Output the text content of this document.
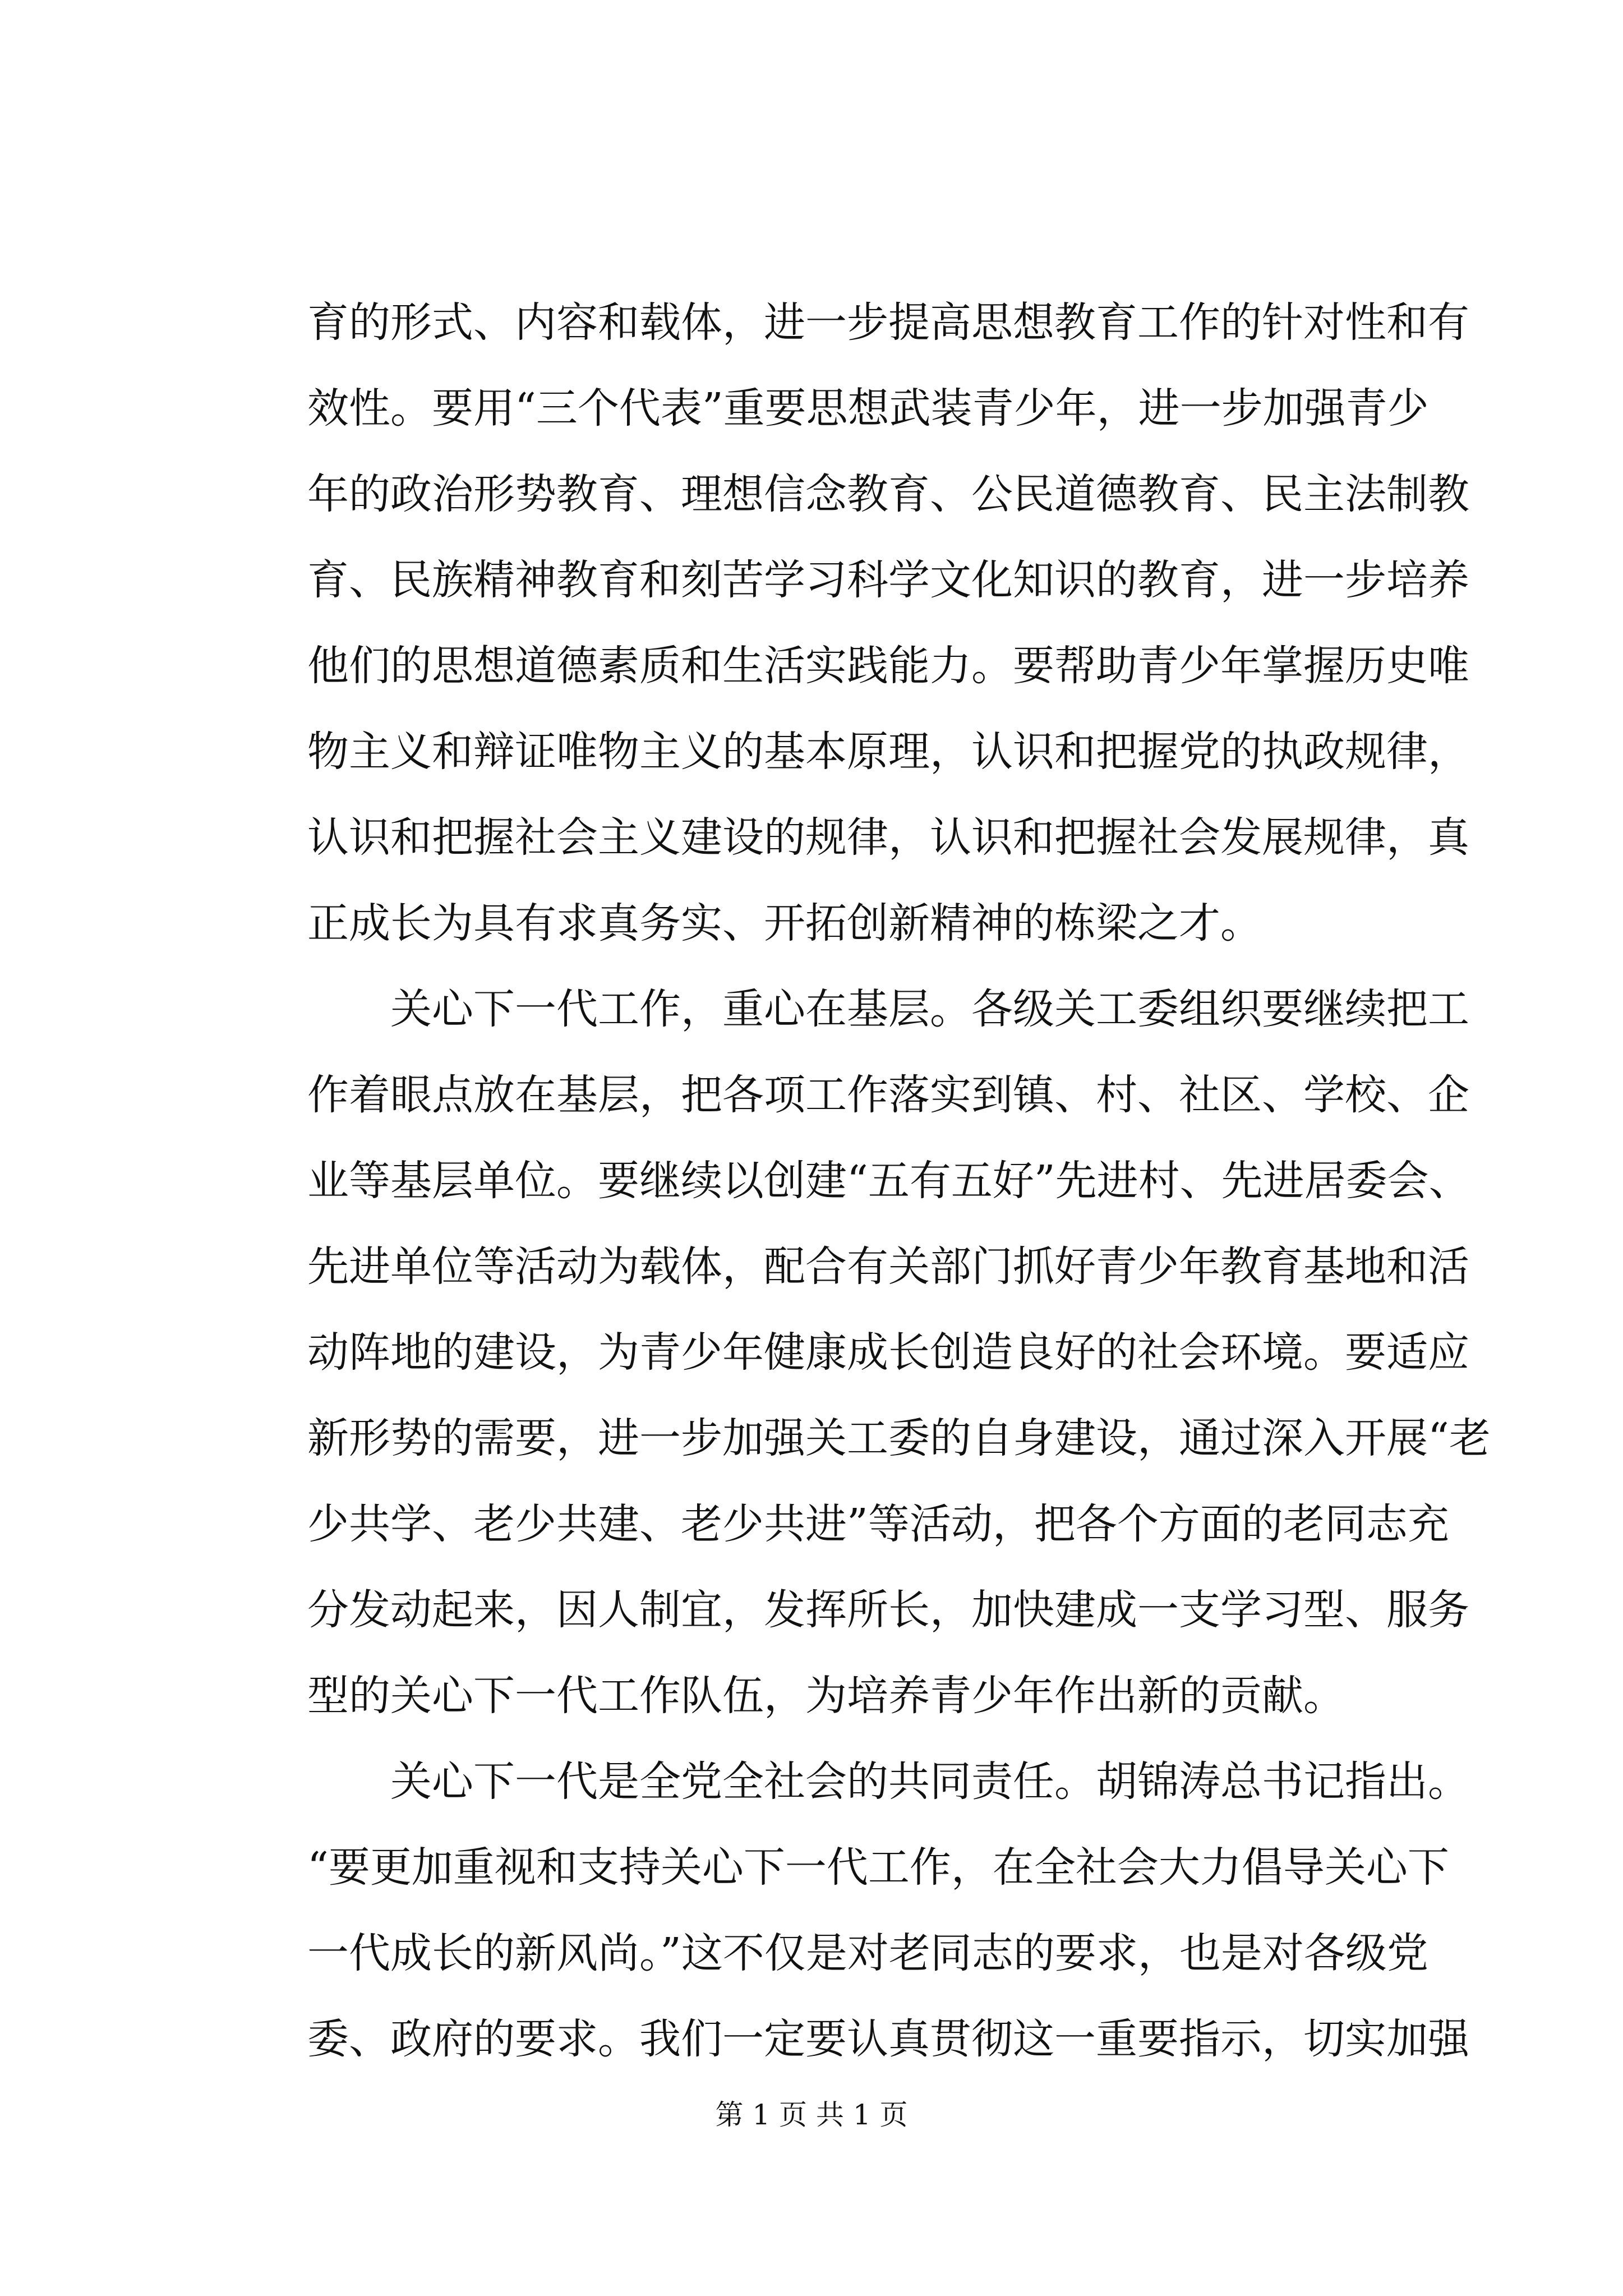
育的形式、内容和载体，进一步提高思想教育工作的针对性和有
效性。要用“三个代表”重要思想武装青少年，进一步加强青少
年的政治形势教育、理想信念教育、公民道德教育、民主法制教
育、民族精神教育和刻苦学习科学文化知识的教育，进一步培养
他们的思想道德素质和生活实践能力。要帮助青少年掌握历史唯
物主义和辩证唯物主义的基本原理，认识和把握党的执政规律，
认识和把握社会主义建设的规律，认识和把握社会发展规律，真
正成长为具有求真务实、开拓创新精神的栋梁之才。
　　关心下一代工作，重心在基层。各级关工委组织要继续把工
作着眼点放在基层，把各项工作落实到镇、村、社区、学校、企
业等基层单位。要继续以创建“五有五好”先进村、先进居委会、
先进单位等活动为载体，配合有关部门抓好青少年教育基地和活
动阵地的建设，为青少年健康成长创造良好的社会环境。要适应
新形势的需要，进一步加强关工委的自身建设，通过深入开展“老
少共学、老少共建、老少共进”等活动，把各个方面的老同志充
分发动起来，因人制宜，发挥所长，加快建成一支学习型、服务
型的关心下一代工作队伍，为培养青少年作出新的贡献。
　　关心下一代是全党全社会的共同责任。胡锦涛总书记指出。
“要更加重视和支持关心下一代工作，在全社会大力倡导关心下
一代成长的新风尚。”这不仅是对老同志的要求，也是对各级党
委、政府的要求。我们一定要认真贯彻这一重要指示，切实加强
第 1 页 共 1 页
